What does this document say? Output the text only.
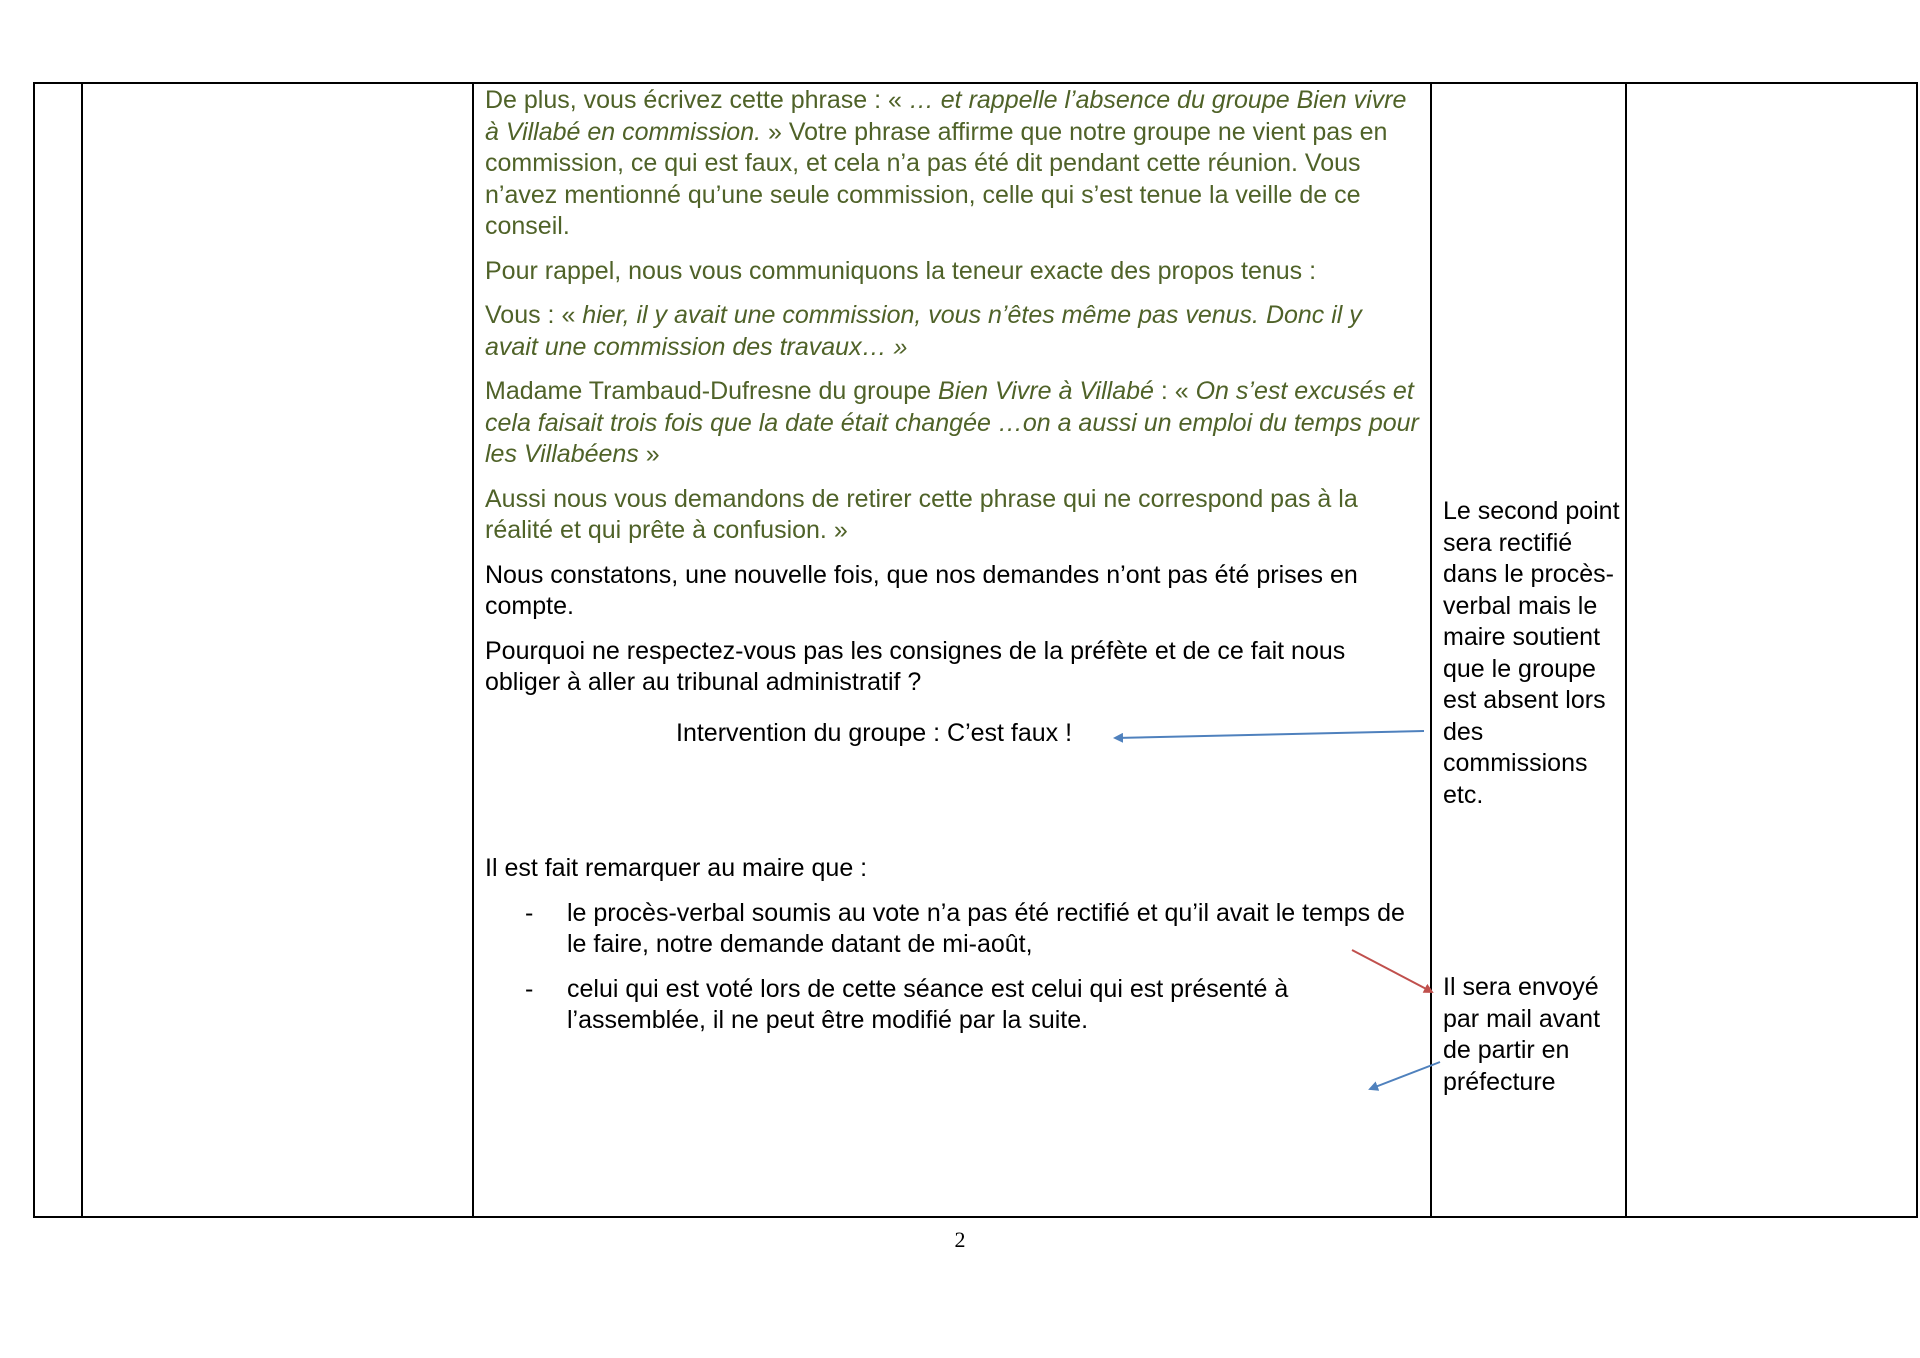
De plus, vous écrivez cette phrase : « … et rappelle l’absence du groupe Bien vivre à Villabé en commission. » Votre phrase affirme que notre groupe ne vient pas en commission, ce qui est faux, et cela n’a pas été dit pendant cette réunion. Vous n’avez mentionné qu’une seule commission, celle qui s’est tenue la veille de ce conseil.

Pour rappel, nous vous communiquons la teneur exacte des propos tenus :

Vous : « hier, il y avait une commission, vous n’êtes même pas venus. Donc il y avait une commission des travaux… »

Madame Trambaud-Dufresne du groupe Bien Vivre à Villabé : « On s’est excusés et cela faisait trois fois que la date était changée …on a aussi un emploi du temps pour les Villabéens »

Aussi nous vous demandons de retirer cette phrase qui ne correspond pas à la réalité et qui prête à confusion. »

Nous constatons, une nouvelle fois, que nos demandes n’ont pas été prises en compte.

Pourquoi ne respectez-vous pas les consignes de la préfète et de ce fait nous obliger à aller au tribunal administratif ?

Intervention du groupe : C’est faux !

Il est fait remarquer au maire que :

- le procès-verbal soumis au vote n’a pas été rectifié et qu’il avait le temps de le faire, notre demande datant de mi-août,

- celui qui est voté lors de cette séance est celui qui est présenté à l’assemblée, il ne peut être modifié par la suite.

Le second point sera rectifié dans le procès-verbal mais le maire soutient que le groupe est absent lors des commissions etc.

Il sera envoyé par mail avant de partir en préfecture

2
